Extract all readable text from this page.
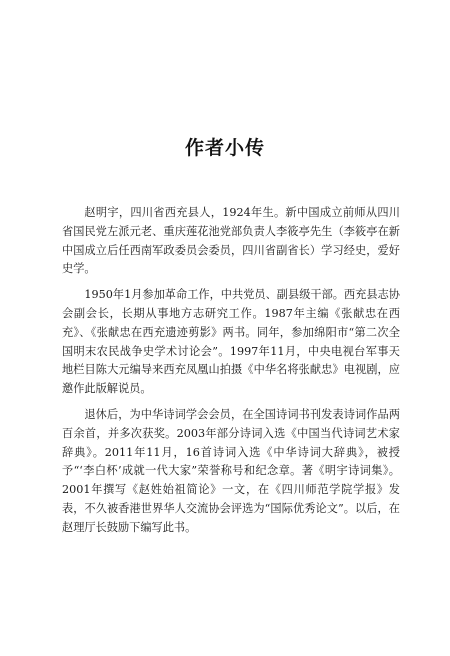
作者小传

赵明宇，四川省西充县人，1924年生。新中国成立前师从四川省国民党左派元老、重庆莲花池党部负责人李筱亭先生（李筱亭在新中国成立后任西南军政委员会委员，四川省副省长）学习经史，爱好史学。

1950年1月参加革命工作，中共党员、副县级干部。西充县志协会副会长，长期从事地方志研究工作。1987年主编《张献忠在西充》、《张献忠在西充遗迹剪影》两书。同年，参加绵阳市“第二次全国明末农民战争史学术讨论会”。1997年11月，中央电视台军事天地栏目陈大元编导来西充凤凰山拍摄《中华名将张献忠》电视剧，应邀作此版解说员。

退休后，为中华诗词学会会员，在全国诗词书刊发表诗词作品两百余首，并多次获奖。2003年部分诗词入选《中国当代诗词艺术家辞典》。2011年11月，16首诗词入选《中华诗词大辞典》，被授予“‘李白杯’成就一代大家”荣誉称号和纪念章。著《明宇诗词集》。2001年撰写《赵姓始祖简论》一文，在《四川师范学院学报》发表，不久被香港世界华人交流协会评选为“国际优秀论文”。以后，在赵理厅长鼓励下编写此书。
